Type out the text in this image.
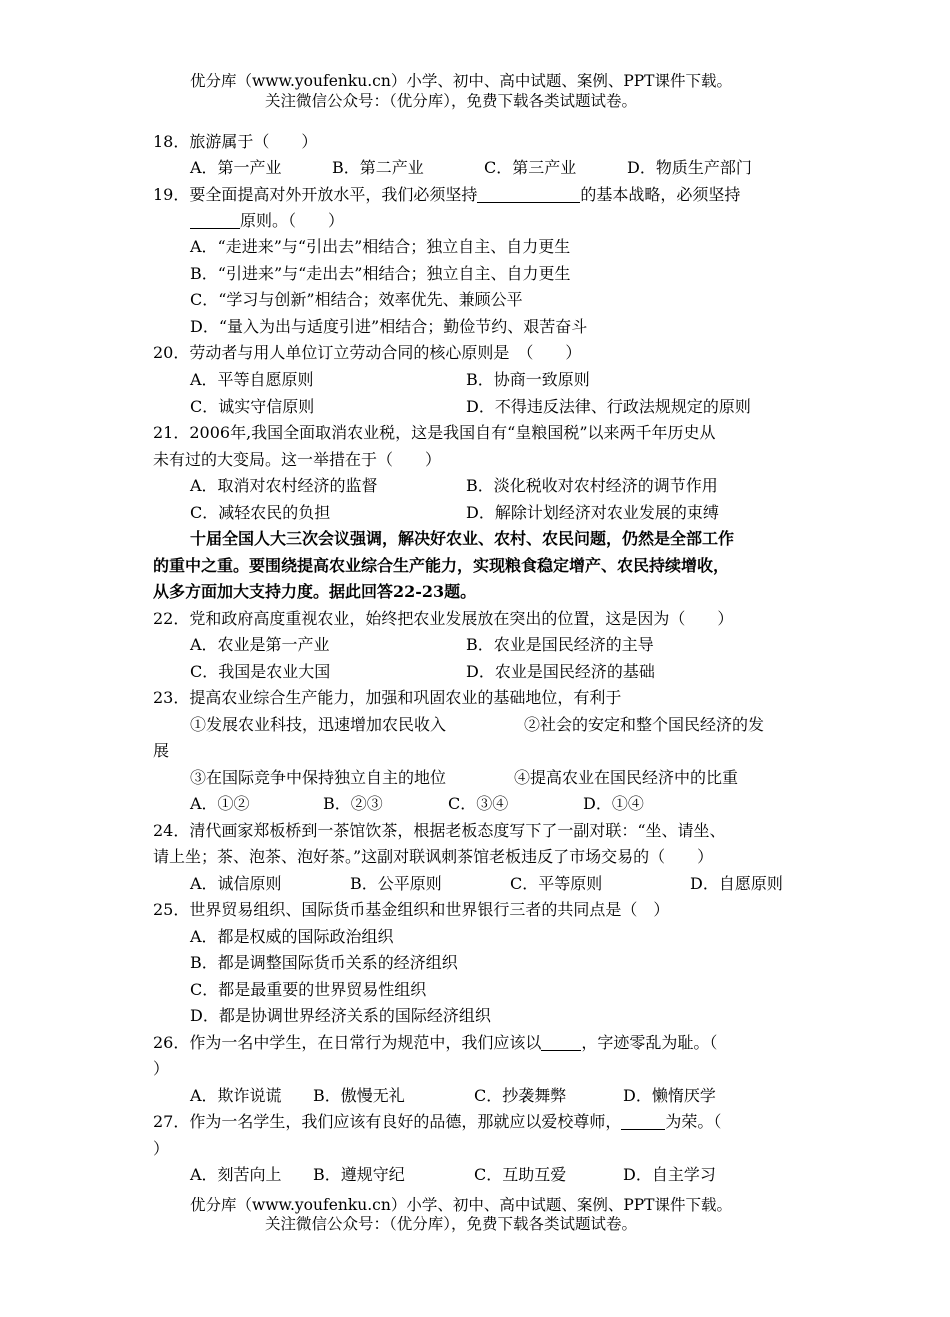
优分库（www.youfenku.cn）小学、初中、高中试题、案例、PPT课件下载。
关注微信公众号：（优分库），免费下载各类试题试卷。
18．旅游属于（　　）
A．第一产业	B．第二产业	C．第三产业	D．物质生产部门
19．要全面提高对外开放水平，我们必须坚持	的基本战略，必须坚持
原则。（　　）
A．“走进来”与“引出去”相结合；独立自主、自力更生
B．“引进来”与“走出去”相结合；独立自主、自力更生
C．“学习与创新”相结合；效率优先、兼顾公平
D．“量入为出与适度引进”相结合；勤俭节约、艰苦奋斗
20．劳动者与用人单位订立劳动合同的核心原则是　（　　）
A．平等自愿原则	B．协商一致原则
C．诚实守信原则	D．不得违反法律、行政法规规定的原则
21．2006年,我国全面取消农业税，这是我国自有“皇粮国税”以来两千年历史从
未有过的大变局。这一举措在于（　　）
A．取消对农村经济的监督	B．淡化税收对农村经济的调节作用
C．减轻农民的负担	D．解除计划经济对农业发展的束缚
十届全国人大三次会议强调，解决好农业、农村、农民问题，仍然是全部工作
的重中之重。要围绕提高农业综合生产能力，实现粮食稳定增产、农民持续增收，
从多方面加大支持力度。据此回答22-23题。
22．党和政府高度重视农业，始终把农业发展放在突出的位置，这是因为（　　）
A．农业是第一产业	B．农业是国民经济的主导
C．我国是农业大国	D．农业是国民经济的基础
23．提高农业综合生产能力，加强和巩固农业的基础地位，有利于
①发展农业科技，迅速增加农民收入	②社会的安定和整个国民经济的发
展
③在国际竞争中保持独立自主的地位	④提高农业在国民经济中的比重
A．①②	B．②③	C．③④	D．①④
24．清代画家郑板桥到一茶馆饮茶，根据老板态度写下了一副对联：“坐、请坐、
请上坐；茶、泡茶、泡好茶。”这副对联讽刺茶馆老板违反了市场交易的（　　）
A．诚信原则	B．公平原则	C．平等原则	D．自愿原则
25．世界贸易组织、国际货币基金组织和世界银行三者的共同点是（　）
A．都是权威的国际政治组织
B．都是调整国际货币关系的经济组织
C．都是最重要的世界贸易性组织
D．都是协调世界经济关系的国际经济组织
26．作为一名中学生，在日常行为规范中，我们应该以	，字迹零乱为耻。（
）
A．欺诈说谎 B．傲慢无礼	C．抄袭舞弊	D．懒惰厌学
27．作为一名学生，我们应该有良好的品德，那就应以爱校尊师，	为荣。（
）
A．刻苦向上 B．遵规守纪	C．互助互爱	D．自主学习
优分库（www.youfenku.cn）小学、初中、高中试题、案例、PPT课件下载。
关注微信公众号：（优分库），免费下载各类试题试卷。
